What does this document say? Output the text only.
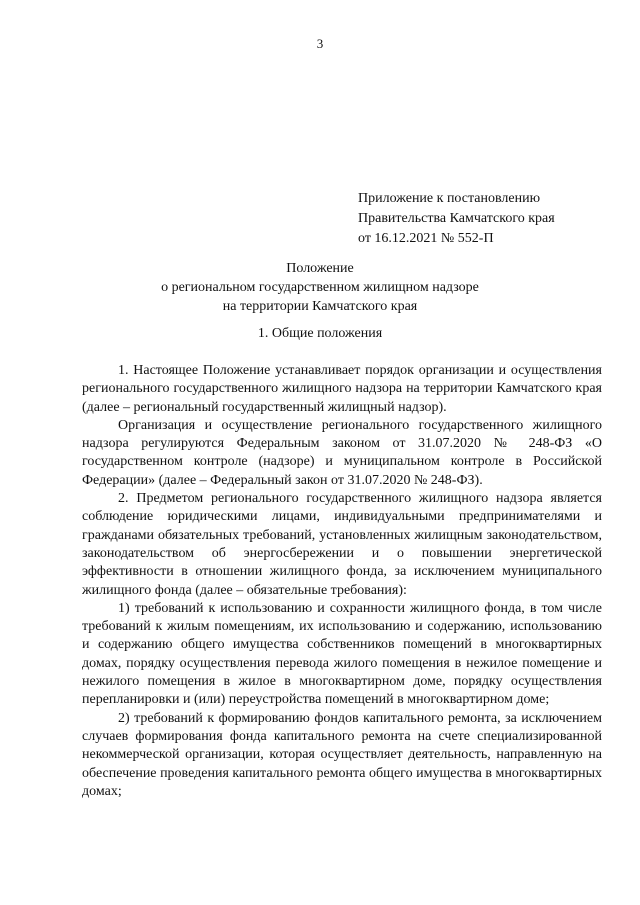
3
Приложение к постановлению
Правительства Камчатского края
от 16.12.2021 № 552-П
Положение
о региональном государственном жилищном надзоре
на территории Камчатского края
1. Общие положения

1. Настоящее Положение устанавливает порядок организации и осуществления регионального государственного жилищного надзора на территории Камчатского края (далее – региональный государственный жилищный надзор).

Организация и осуществление регионального государственного жилищного надзора регулируются Федеральным законом от 31.07.2020 № 248-ФЗ «О государственном контроле (надзоре) и муниципальном контроле в Российской Федерации» (далее – Федеральный закон от 31.07.2020 № 248-ФЗ).

2. Предметом регионального государственного жилищного надзора является соблюдение юридическими лицами, индивидуальными предпринимателями и гражданами обязательных требований, установленных жилищным законодательством, законодательством об энергосбережении и о повышении энергетической эффективности в отношении жилищного фонда, за исключением муниципального жилищного фонда (далее – обязательные требования):

1) требований к использованию и сохранности жилищного фонда, в том числе требований к жилым помещениям, их использованию и содержанию, использованию и содержанию общего имущества собственников помещений в многоквартирных домах, порядку осуществления перевода жилого помещения в нежилое помещение и нежилого помещения в жилое в многоквартирном доме, порядку осуществления перепланировки и (или) переустройства помещений в многоквартирном доме;

2) требований к формированию фондов капитального ремонта, за исключением случаев формирования фонда капитального ремонта на счете специализированной некоммерческой организации, которая осуществляет деятельность, направленную на обеспечение проведения капитального ремонта общего имущества в многоквартирных домах;
